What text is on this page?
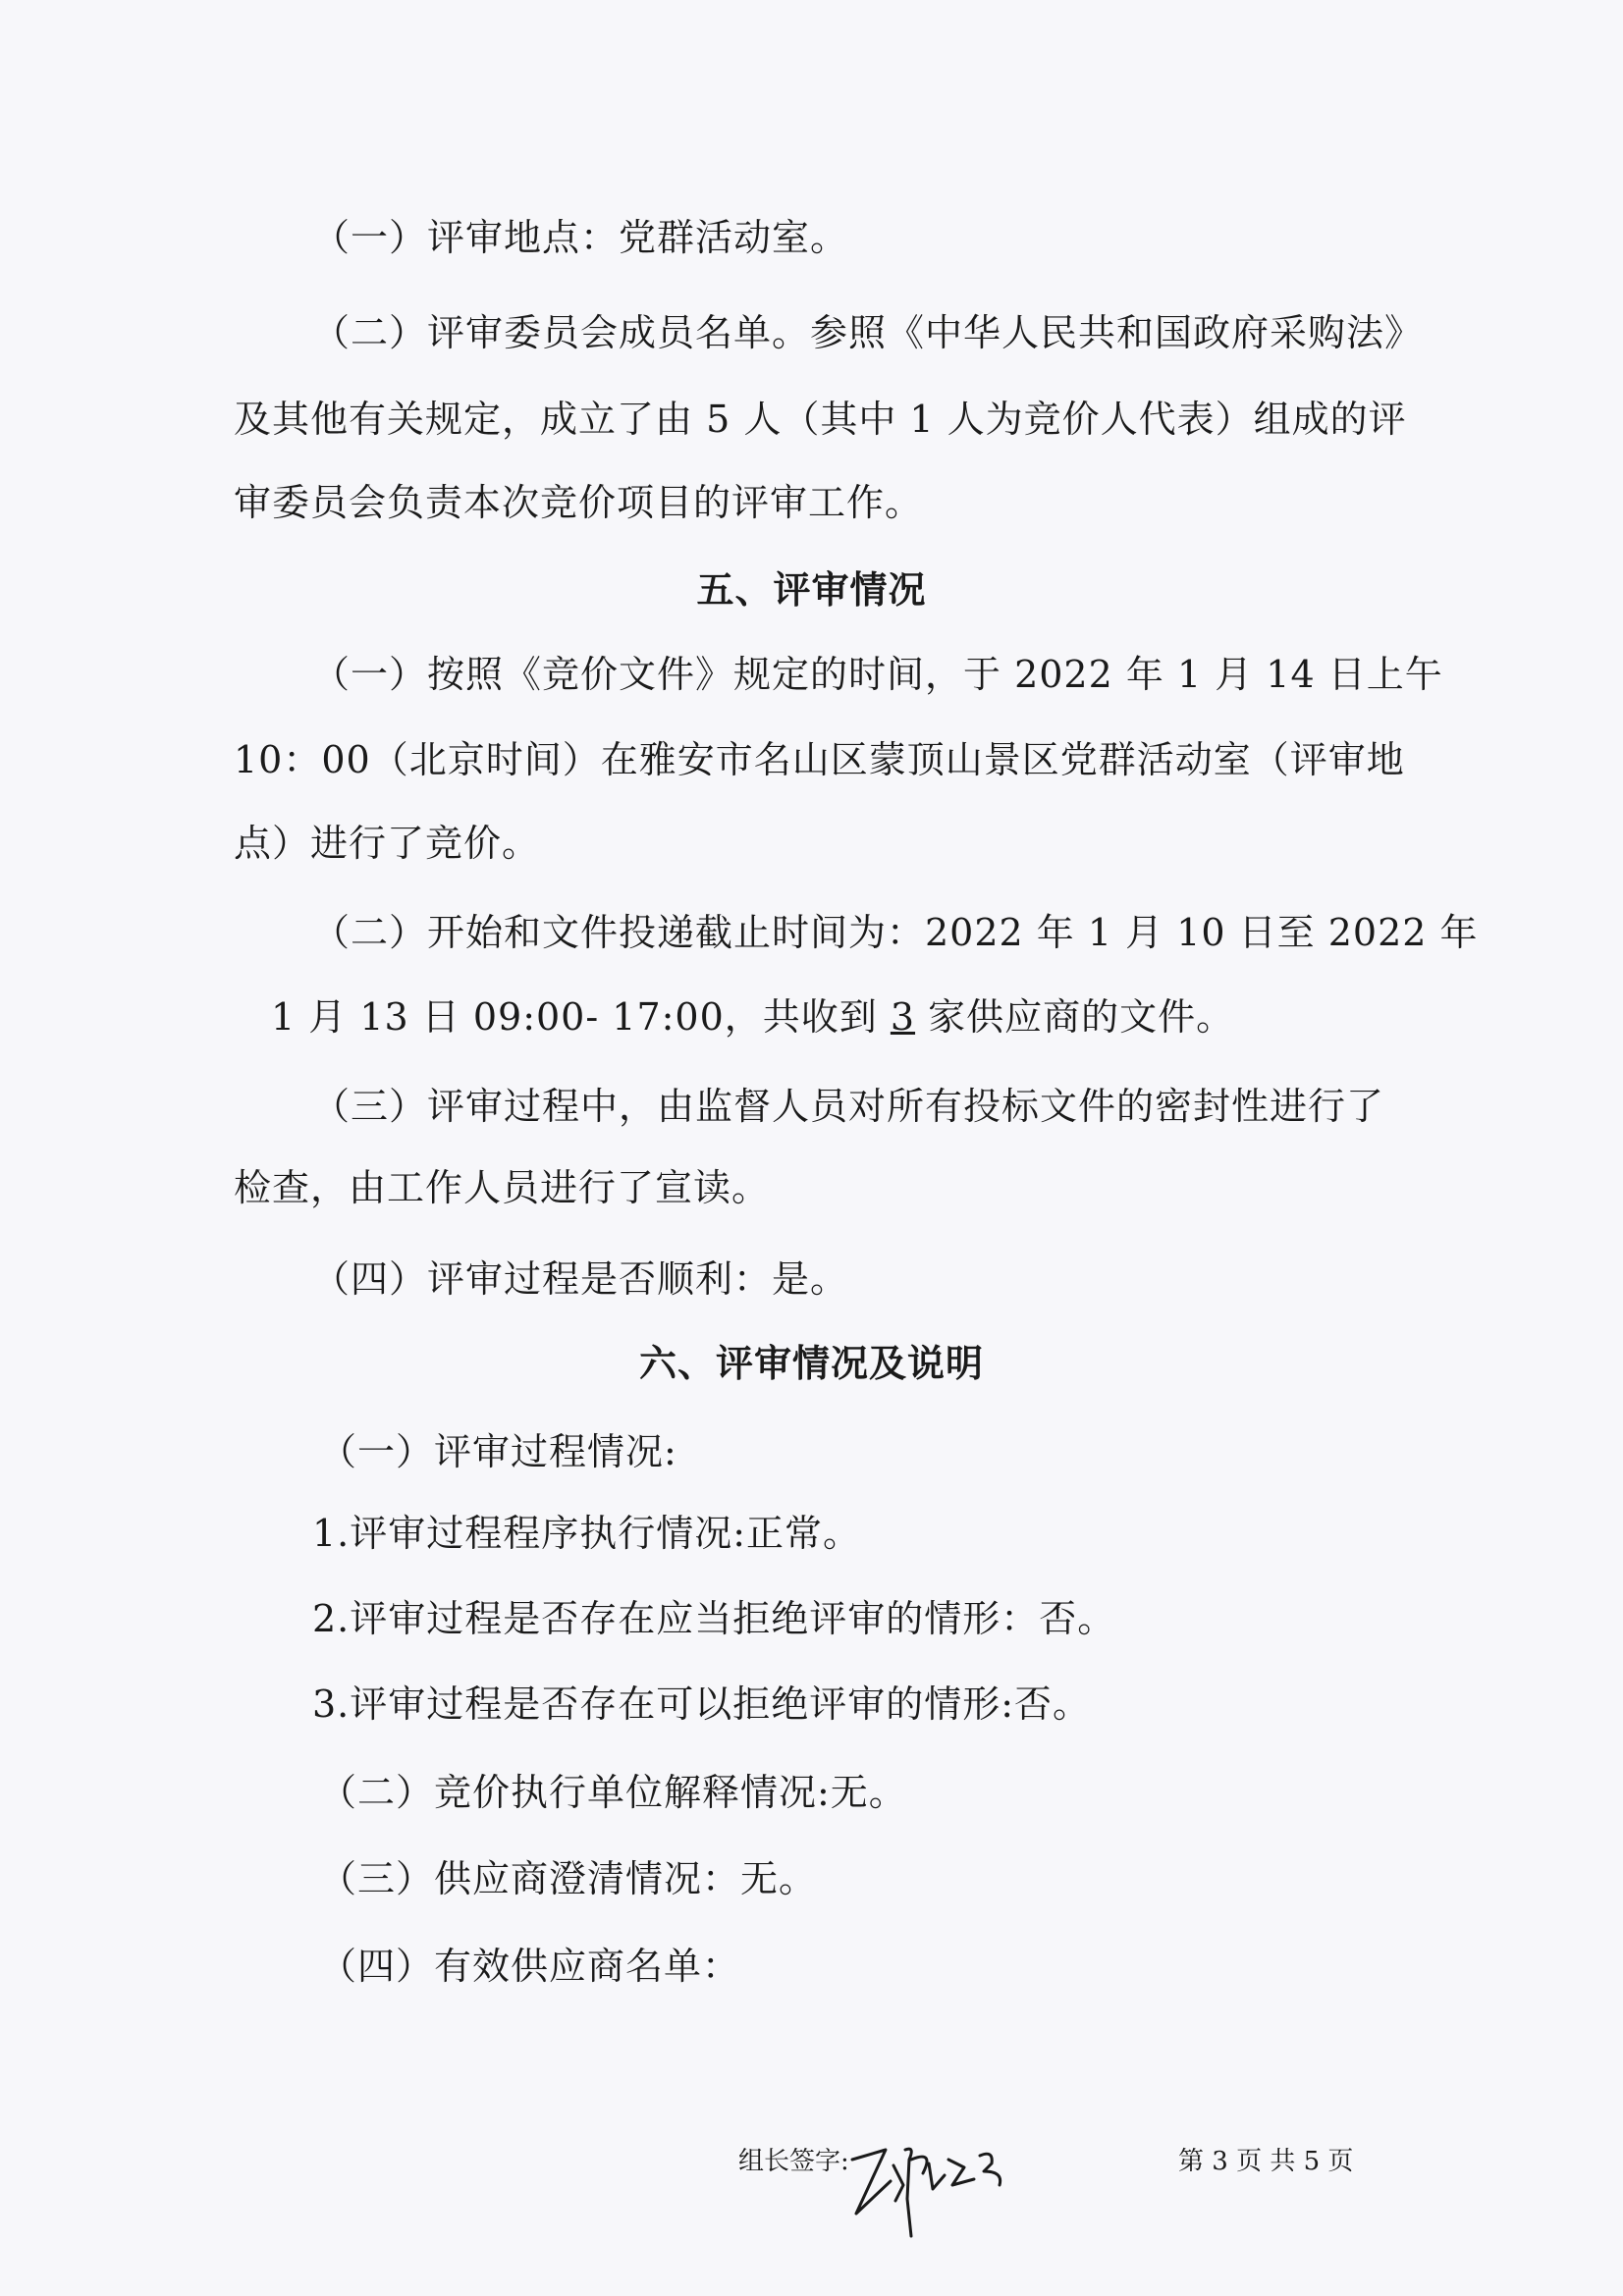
（一）评审地点：党群活动室。
（二）评审委员会成员名单。参照《中华人民共和国政府采购法》
及其他有关规定，成立了由 5 人（其中 1 人为竞价人代表）组成的评
审委员会负责本次竞价项目的评审工作。
五、评审情况
（一）按照《竞价文件》规定的时间，于 2022 年 1 月 14 日上午
10：00（北京时间）在雅安市名山区蒙顶山景区党群活动室（评审地
点）进行了竞价。
（二）开始和文件投递截止时间为：2022 年 1 月 10 日至 2022 年
1 月 13 日 09:00- 17:00，共收到 3 家供应商的文件。
（三）评审过程中，由监督人员对所有投标文件的密封性进行了
检查，由工作人员进行了宣读。
（四）评审过程是否顺利：是。
六、评审情况及说明
（一）评审过程情况:
1.评审过程程序执行情况:正常。
2.评审过程是否存在应当拒绝评审的情形：否。
3.评审过程是否存在可以拒绝评审的情形:否。
（二）竞价执行单位解释情况:无。
（三）供应商澄清情况：无。
（四）有效供应商名单：
组长签字:	第 3 页 共 5 页
